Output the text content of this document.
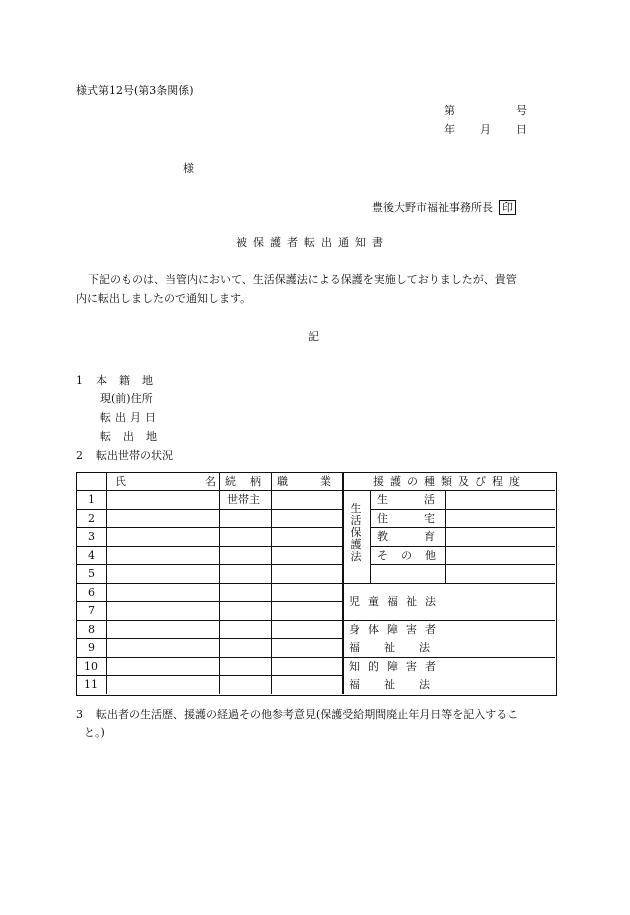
様式第12号(第3条関係)
第	号
年 月 日
様
豊後大野市福祉事務所長 印
被保護者転出通知書
下記のものは、当管内において、生活保護法による保護を実施しておりましたが、貴管
内に転出しましたので通知します。
記
1 本籍地
現(前)住所
転出月日
転出地
2 転出世帯の状況
氏	名 続柄 職業 援護の種類及び程度
1
2
3
4
5
6
7
8
9
10
11
世帯主
生活保護法
生活
住宅
教育
その他
児童福祉法
身体障害者
福祉法
知的障害者
福祉法
3 転出者の生活歴、援護の経過その他参考意見(保護受給期間廃止年月日等を記入するこ
と。)
